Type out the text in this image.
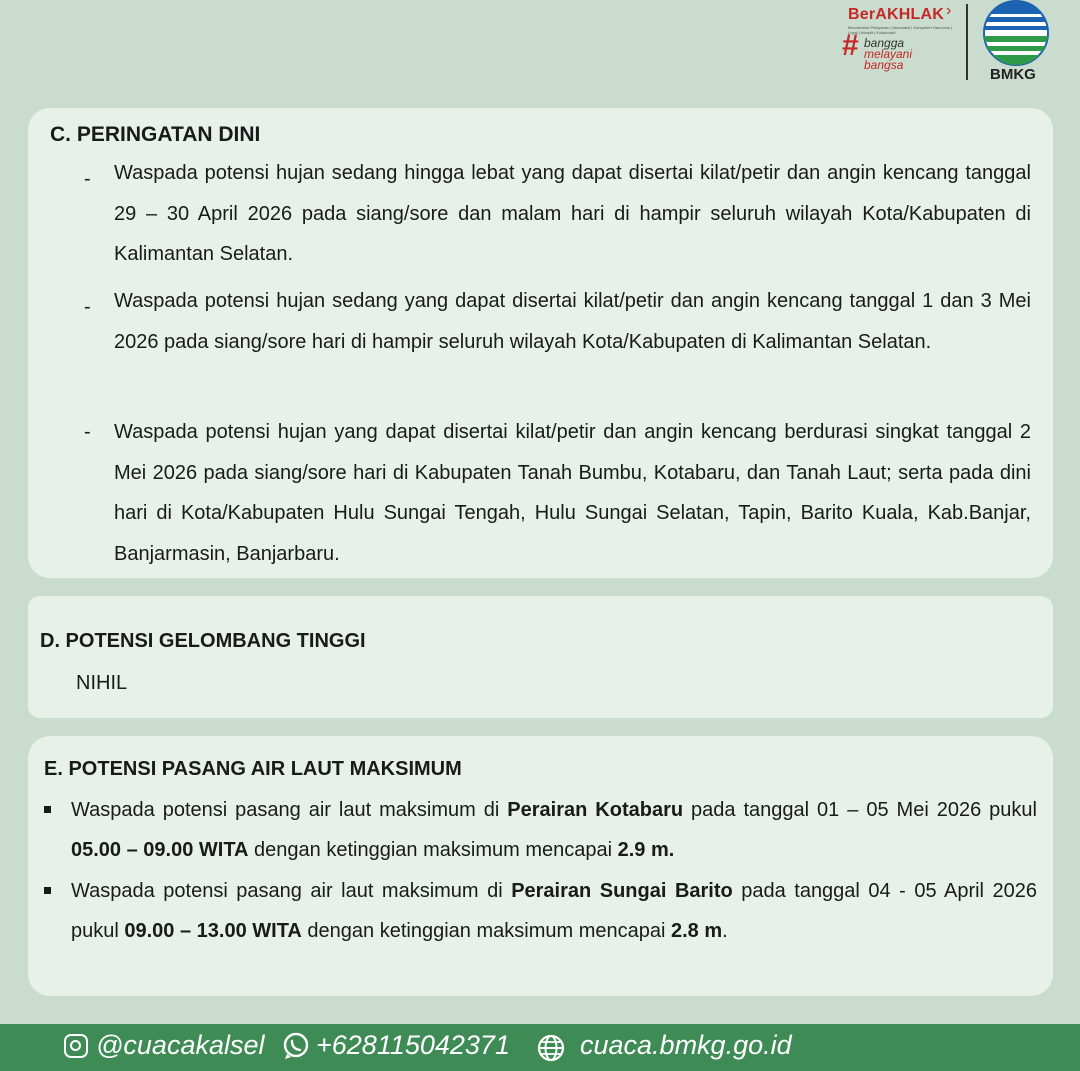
BerAKHLAK ›
Berorientasi Pelayanan | Akuntabel | Kompeten Harmonis | Loyal | Adaptif | Kolaboratif
# bangga
melayani
bangsa
BMKG
C. PERINGATAN DINI
- Waspada potensi hujan sedang hingga lebat yang dapat disertai kilat/petir dan angin kencang tanggal 29 – 30 April 2026 pada siang/sore dan malam hari di hampir seluruh wilayah Kota/Kabupaten di Kalimantan Selatan.
- Waspada potensi hujan sedang yang dapat disertai kilat/petir dan angin kencang tanggal 1 dan 3 Mei 2026 pada siang/sore hari di hampir seluruh wilayah Kota/Kabupaten di Kalimantan Selatan.
- Waspada potensi hujan yang dapat disertai kilat/petir dan angin kencang berdurasi singkat tanggal 2 Mei 2026 pada siang/sore hari di Kabupaten Tanah Bumbu, Kotabaru, dan Tanah Laut; serta pada dini hari di Kota/Kabupaten Hulu Sungai Tengah, Hulu Sungai Selatan, Tapin, Barito Kuala, Kab.Banjar, Banjarmasin, Banjarbaru.
D. POTENSI GELOMBANG TINGGI
NIHIL
E. POTENSI PASANG AIR LAUT MAKSIMUM
Waspada potensi pasang air laut maksimum di Perairan Kotabaru pada tanggal 01 – 05 Mei 2026 pukul 05.00 – 09.00 WITA dengan ketinggian maksimum mencapai 2.9 m.
Waspada potensi pasang air laut maksimum di Perairan Sungai Barito pada tanggal 04 - 05 April 2026 pukul 09.00 – 13.00 WITA dengan ketinggian maksimum mencapai 2.8 m.
@cuacakalsel +628115042371	cuaca.bmkg.go.id
